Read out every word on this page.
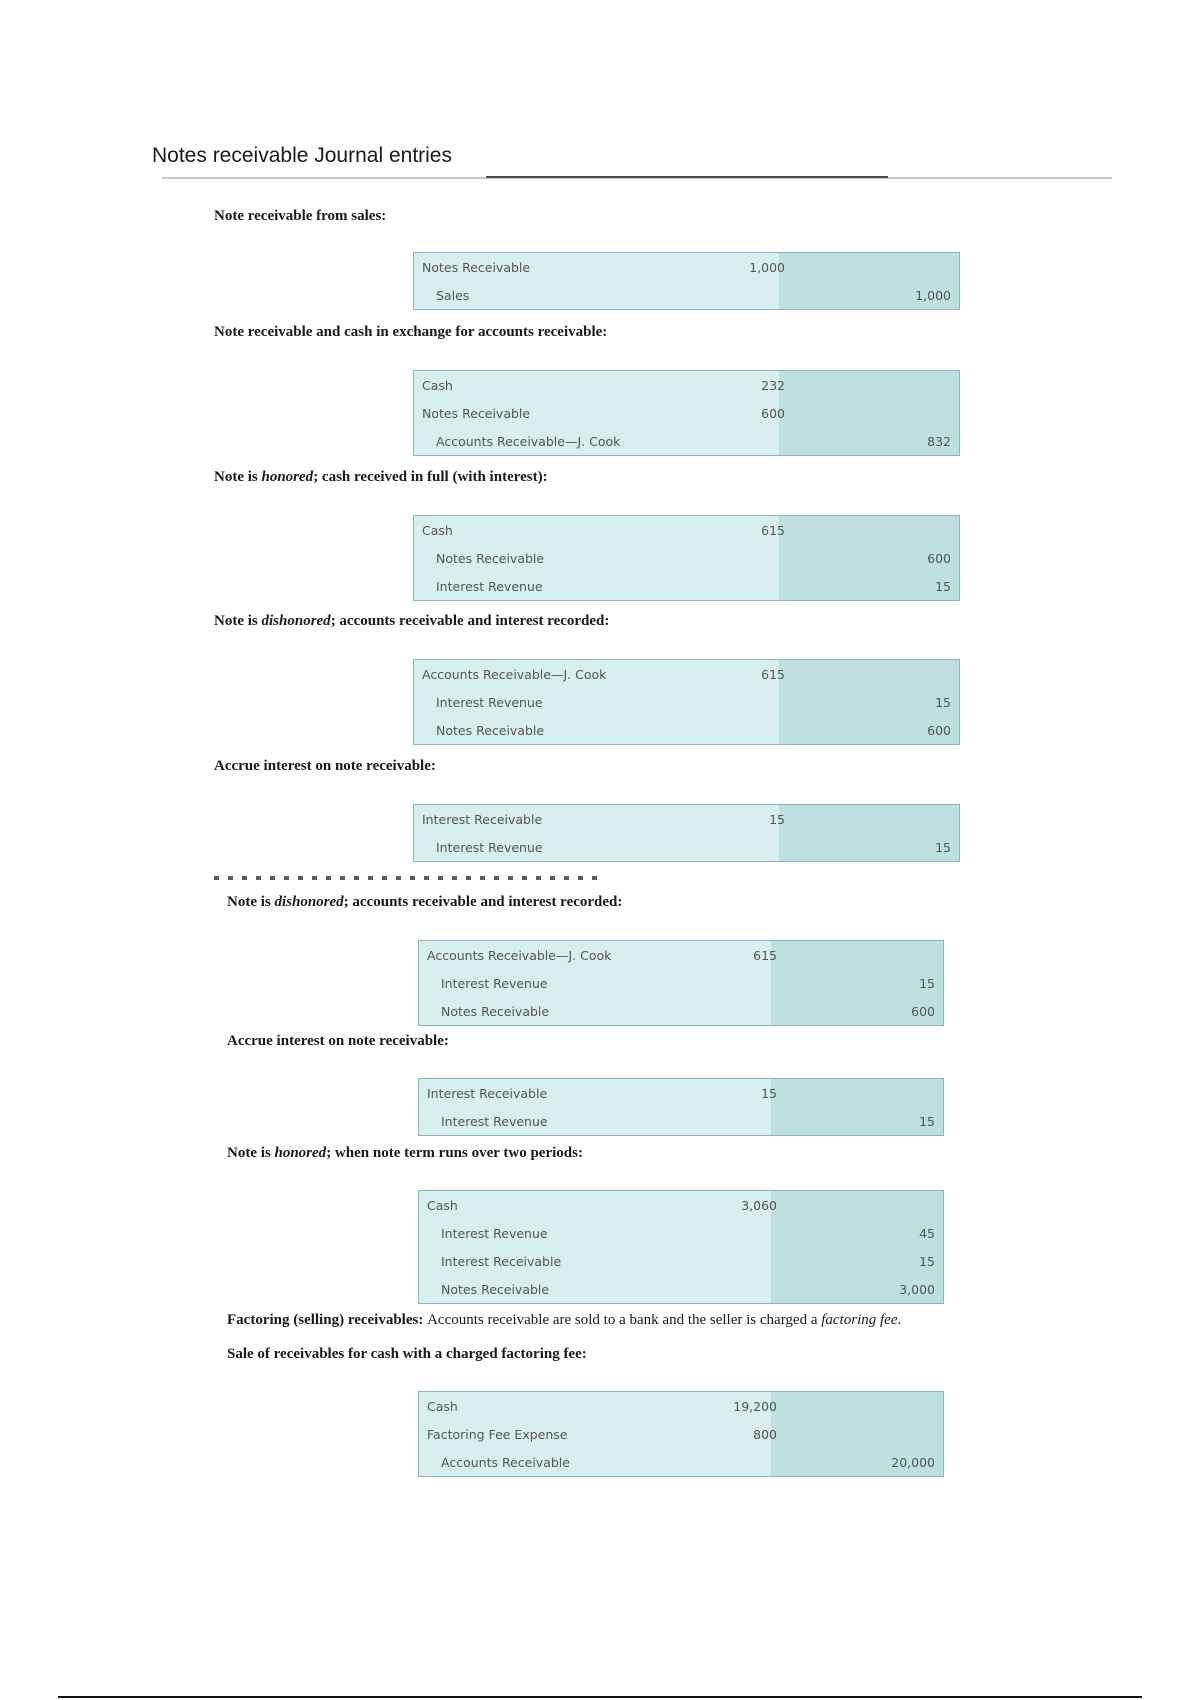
Notes receivable Journal entries
Note receivable from sales:
Notes Receivable	1,000
Sales	1,000
Note receivable and cash in exchange for accounts receivable:
Cash	232
Notes Receivable	600
Accounts Receivable—J. Cook	832
Note is honored; cash received in full (with interest):
Cash	615
Notes Receivable	600
Interest Revenue	15
Note is dishonored; accounts receivable and interest recorded:
Accounts Receivable—J. Cook	615
Interest Revenue	15
Notes Receivable	600
Accrue interest on note receivable:
Interest Receivable	15
Interest Revenue	15
Note is dishonored; accounts receivable and interest recorded:
Accounts Receivable—J. Cook	615
Interest Revenue	15
Notes Receivable	600
Accrue interest on note receivable:
Interest Receivable	15
Interest Revenue	15
Note is honored; when note term runs over two periods:
Cash	3,060
Interest Revenue	45
Interest Receivable	15
Notes Receivable	3,000
Factoring (selling) receivables: Accounts receivable are sold to a bank and the seller is charged a factoring fee.
Sale of receivables for cash with a charged factoring fee:
Cash	19,200
Factoring Fee Expense	800
Accounts Receivable	20,000
